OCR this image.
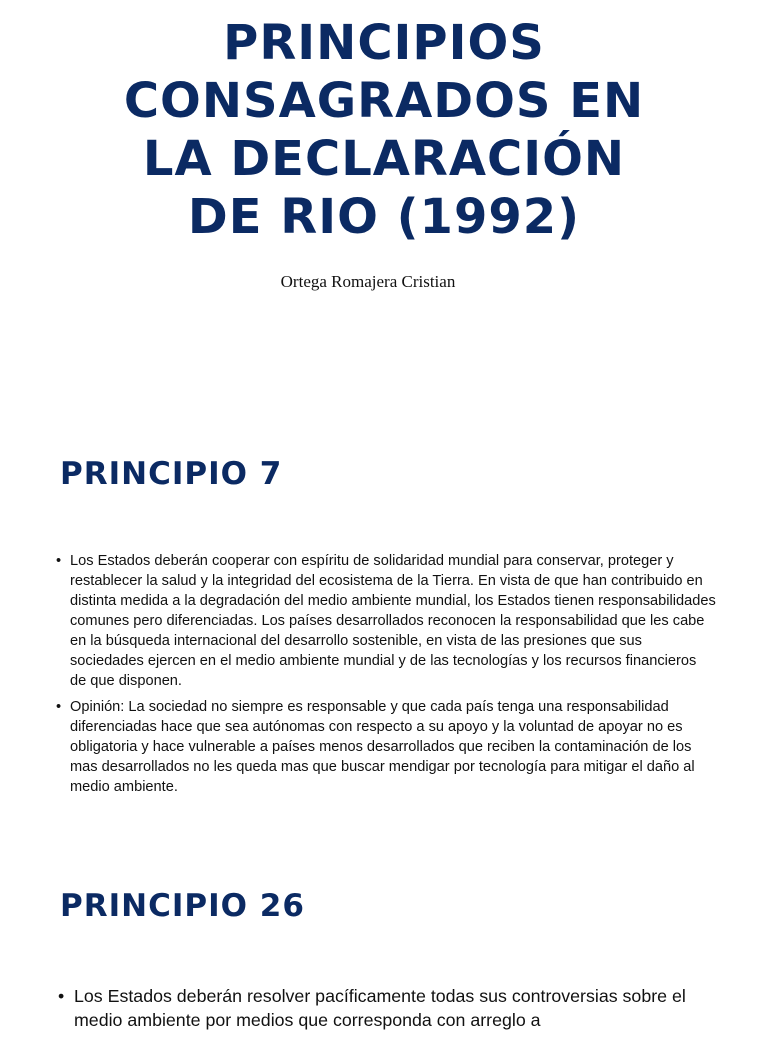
PRINCIPIOS
CONSAGRADOS EN
LA DECLARACIÓN
DE RIO (1992)
Ortega Romajera Cristian
PRINCIPIO 7
• Los Estados deberán cooperar con espíritu de solidaridad mundial para conservar, proteger y restablecer la salud y la integridad del ecosistema de la Tierra. En vista de que han contribuido en distinta medida a la degradación del medio ambiente mundial, los Estados tienen responsabilidades comunes pero diferenciadas. Los países desarrollados reconocen la responsabilidad que les cabe en la búsqueda internacional del desarrollo sostenible, en vista de las presiones que sus sociedades ejercen en el medio ambiente mundial y de las tecnologías y los recursos financieros de que disponen.
• Opinión: La sociedad no siempre es responsable y que cada país tenga una responsabilidad diferenciadas hace que sea autónomas con respecto a su apoyo y la voluntad de apoyar no es obligatoria y hace vulnerable a países menos desarrollados que reciben la contaminación de los mas desarrollados no les queda mas que buscar mendigar por tecnología para mitigar el daño al medio ambiente.
PRINCIPIO 26
• Los Estados deberán resolver pacíficamente todas sus controversias sobre el medio ambiente por medios que corresponda con arreglo a
